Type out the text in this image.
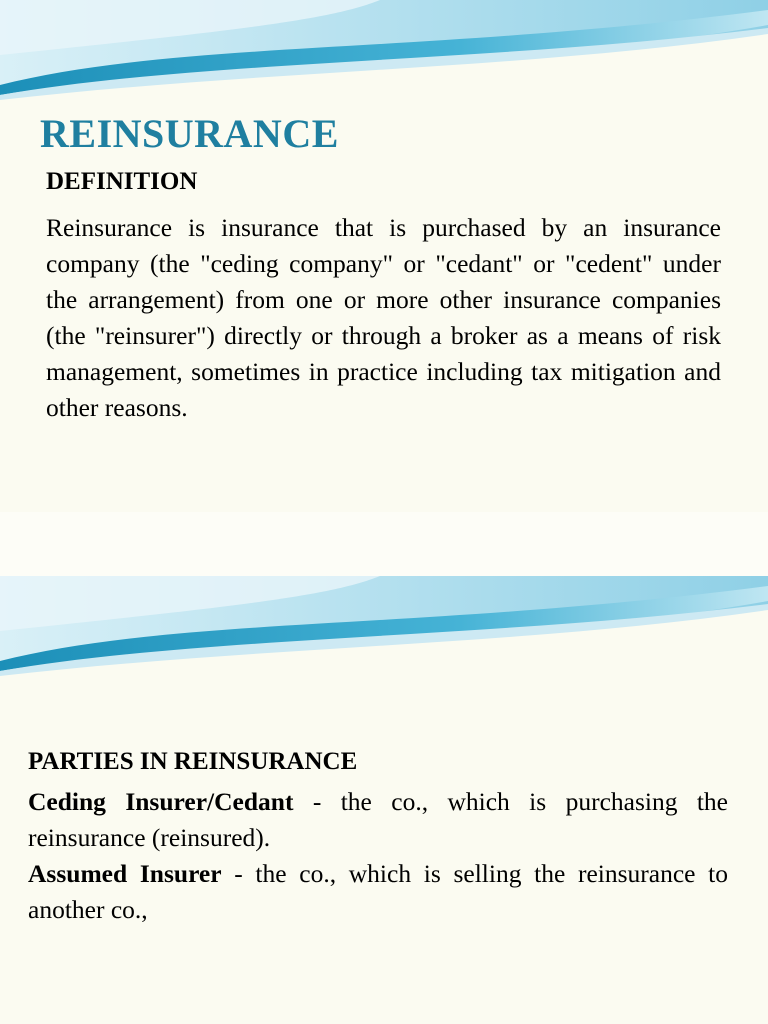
REINSURANCE
DEFINITION

Reinsurance is insurance that is purchased by an insurance company (the "ceding company" or "cedant" or "cedent" under the arrangement) from one or more other insurance companies (the "reinsurer") directly or through a broker as a means of risk management, sometimes in practice including tax mitigation and other reasons.

PARTIES IN REINSURANCE

Ceding Insurer/Cedant - the co., which is purchasing the reinsurance (reinsured).

Assumed Insurer - the co., which is selling the reinsurance to another co.,
